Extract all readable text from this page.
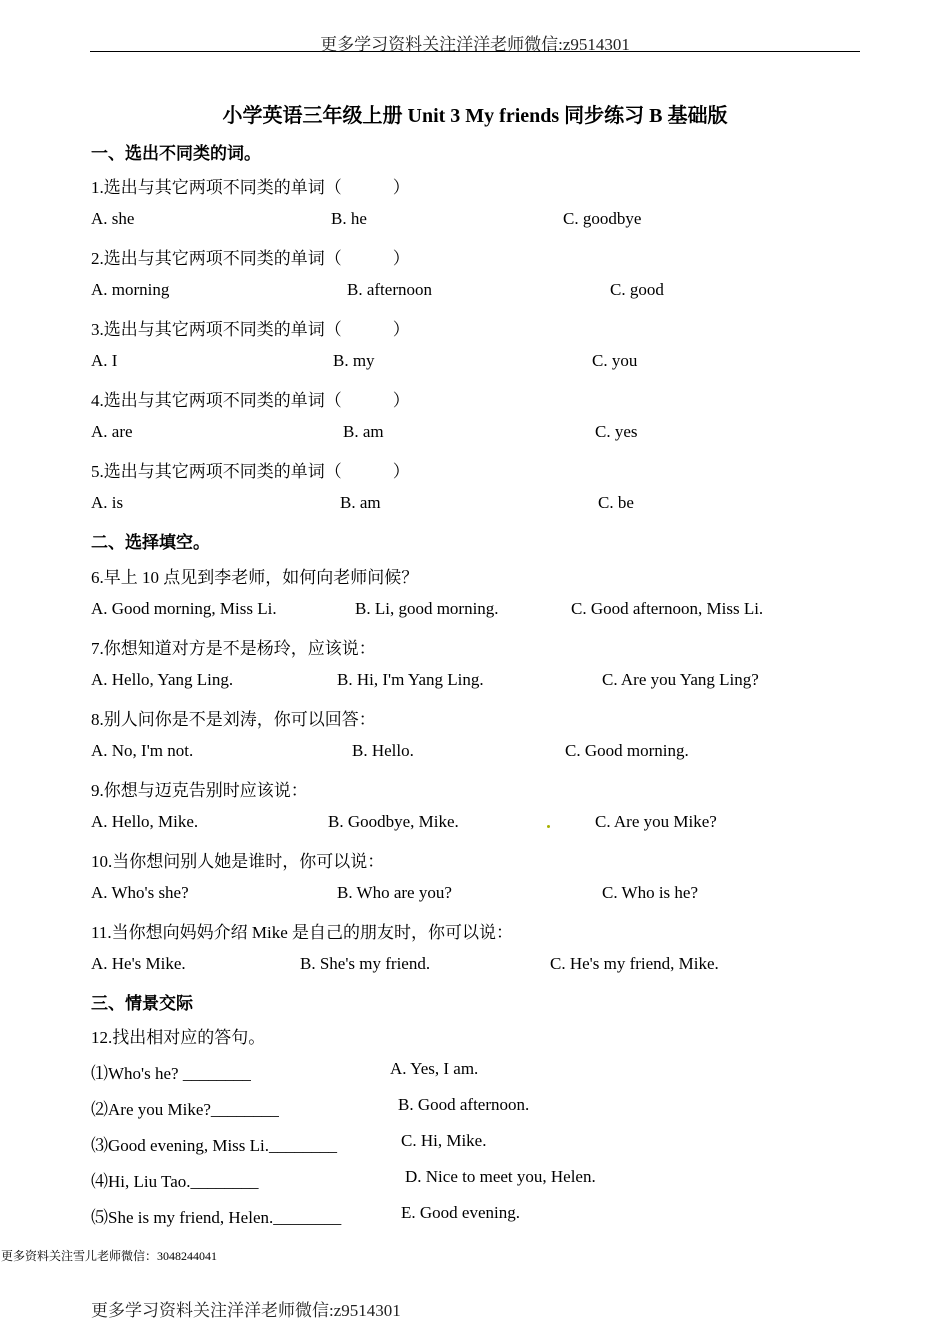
更多学习资料关注洋洋老师微信:z9514301
小学英语三年级上册 Unit 3 My friends 同步练习 B 基础版
一、选出不同类的词。
1.选出与其它两项不同类的单词（　　　）
A. she	B. he	C. goodbye
2.选出与其它两项不同类的单词（　　　）
A. morning	B. afternoon	C. good
3.选出与其它两项不同类的单词（　　　）
A. I	B. my	C. you
4.选出与其它两项不同类的单词（　　　）
A. are	B. am	C. yes
5.选出与其它两项不同类的单词（　　　）
A. is	B. am	C. be
二、选择填空。
6.早上 10 点见到李老师，如何向老师问候？
A. Good morning, Miss Li.	B. Li, good morning.	C. Good afternoon, Miss Li.
7.你想知道对方是不是杨玲，应该说：
A. Hello, Yang Ling.	B. Hi, I'm Yang Ling.	C. Are you Yang Ling?
8.别人问你是不是刘涛，你可以回答：
A. No, I'm not.	B. Hello.	C. Good morning.
9.你想与迈克告别时应该说：
A. Hello, Mike.	B. Goodbye, Mike.	C. Are you Mike?
10.当你想问别人她是谁时，你可以说：
A. Who's she?	B. Who are you?	C. Who is he?
11.当你想向妈妈介绍 Mike 是自己的朋友时，你可以说：
A. He's Mike.	B. She's my friend.	C. He's my friend, Mike.
三、情景交际
12.找出相对应的答句。
⑴Who's he? ________	A. Yes, I am.
⑵Are you Mike?________	B. Good afternoon.
⑶Good evening, Miss Li.________	C. Hi, Mike.
⑷Hi, Liu Tao.________	D. Nice to meet you, Helen.
⑸She is my friend, Helen.________	E. Good evening.
更多资料关注雪儿老师微信：3048244041
更多学习资料关注洋洋老师微信:z9514301
